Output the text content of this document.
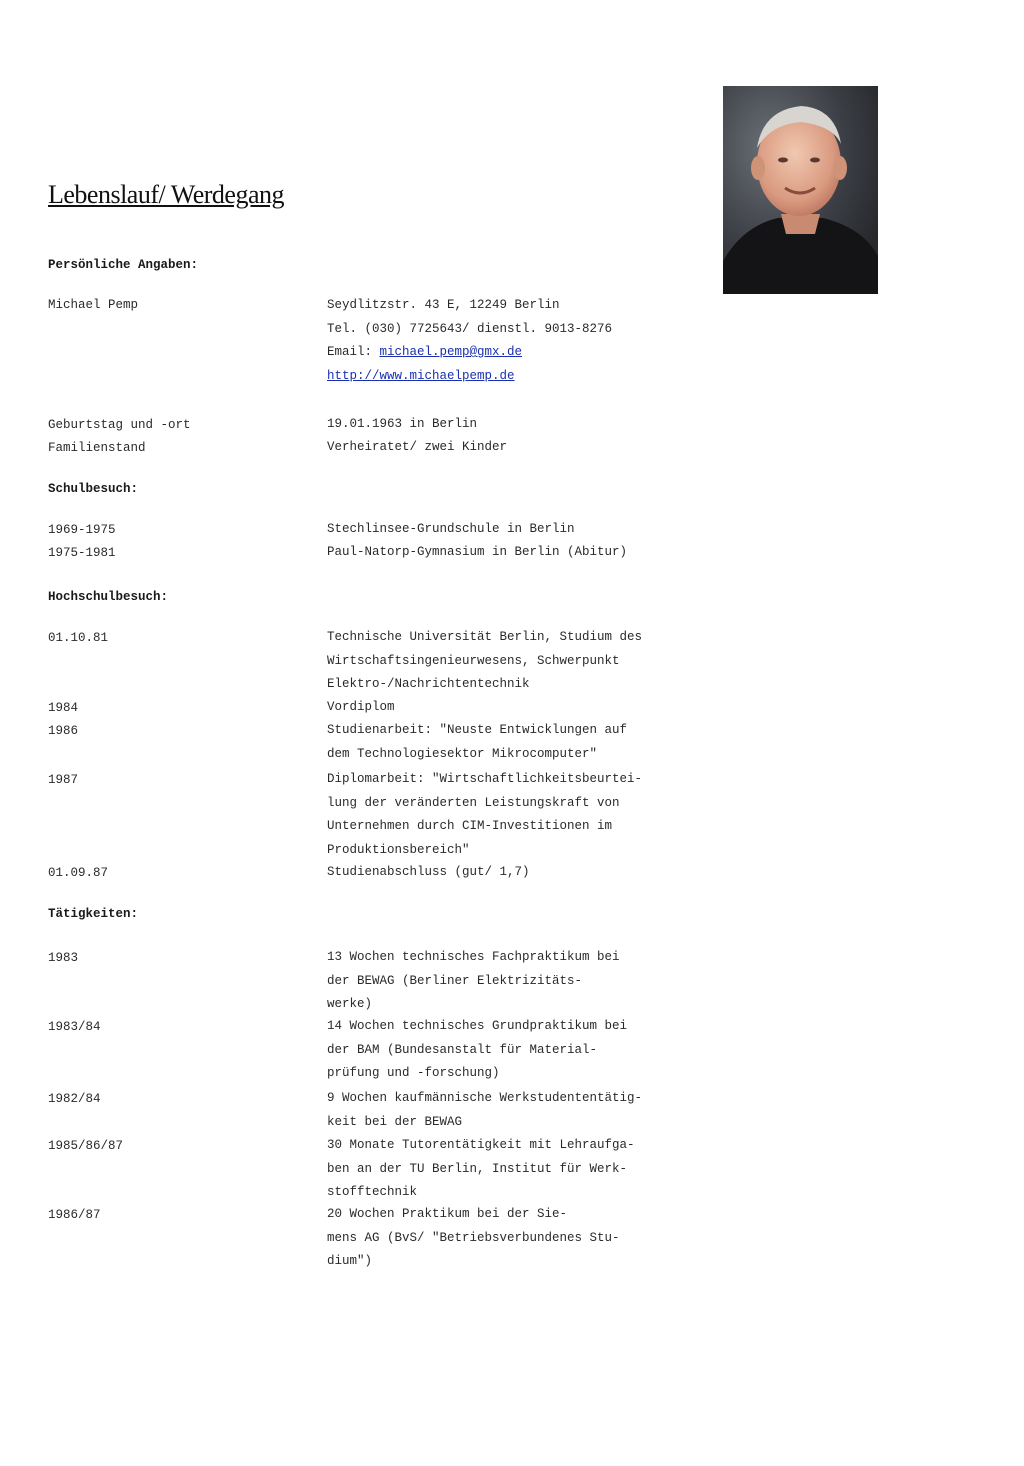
Lebenslauf/ Werdegang
Persönliche Angaben:
Michael Pemp	Seydlitzstr. 43 E, 12249 Berlin
Tel. (030) 7725643/ dienstl. 9013-8276
Email: michael.pemp@gmx.de
http://www.michaelpemp.de
Geburtstag und -ort	19.01.1963 in Berlin
Familienstand	Verheiratet/ zwei Kinder
Schulbesuch:
1969-1975	Stechlinsee-Grundschule in Berlin
1975-1981	Paul-Natorp-Gymnasium in Berlin (Abitur)
Hochschulbesuch:
01.10.81	Technische Universität Berlin, Studium des
Wirtschaftsingenieurwesens, Schwerpunkt
Elektro-/Nachrichtentechnik
1984	Vordiplom
1986	Studienarbeit: "Neuste Entwicklungen auf
dem Technologiesektor Mikrocomputer"
1987	Diplomarbeit: "Wirtschaftlichkeitsbeurtei-
lung der veränderten Leistungskraft von
Unternehmen durch CIM-Investitionen im
Produktionsbereich"
01.09.87	Studienabschluss (gut/ 1,7)
Tätigkeiten:
1983	13 Wochen technisches Fachpraktikum bei
der BEWAG (Berliner Elektrizitäts-
werke)
1983/84	14 Wochen technisches Grundpraktikum bei
der BAM (Bundesanstalt für Material-
prüfung und -forschung)
1982/84	9 Wochen kaufmännische Werkstudententätig-
keit bei der BEWAG
1985/86/87	30 Monate Tutorentätigkeit mit Lehraufga-
ben an der TU Berlin, Institut für Werk-
stofftechnik
1986/87	20 Wochen Praktikum bei der Sie-
mens AG (BvS/ "Betriebsverbundenes Stu-
dium")
